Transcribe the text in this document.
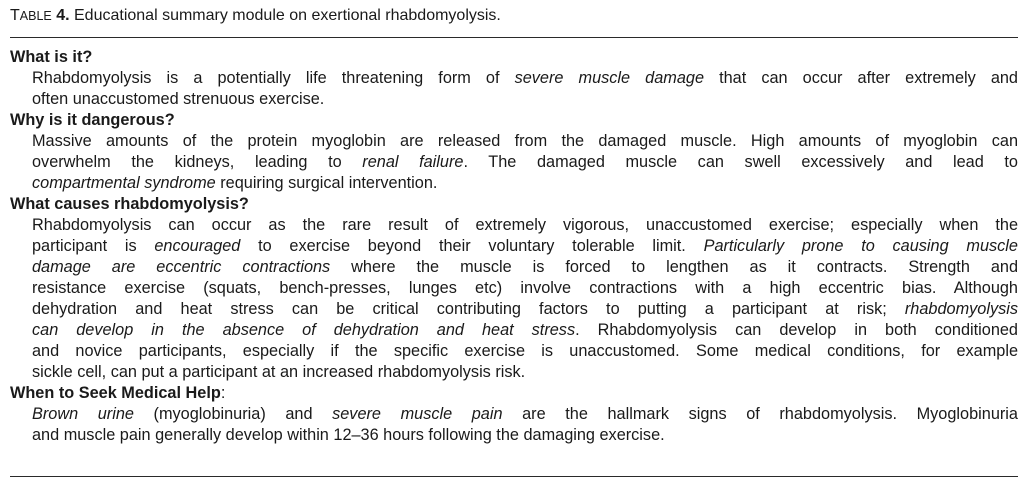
TABLE 4. Educational summary module on exertional rhabdomyolysis.
What is it?
Rhabdomyolysis is a potentially life threatening form of severe muscle damage that can occur after extremely and
often unaccustomed strenuous exercise.
Why is it dangerous?
Massive amounts of the protein myoglobin are released from the damaged muscle. High amounts of myoglobin can
overwhelm the kidneys, leading to renal failure. The damaged muscle can swell excessively and lead to
compartmental syndrome requiring surgical intervention.
What causes rhabdomyolysis?
Rhabdomyolysis can occur as the rare result of extremely vigorous, unaccustomed exercise; especially when the
participant is encouraged to exercise beyond their voluntary tolerable limit. Particularly prone to causing muscle
damage are eccentric contractions where the muscle is forced to lengthen as it contracts. Strength and
resistance exercise (squats, bench-presses, lunges etc) involve contractions with a high eccentric bias. Although
dehydration and heat stress can be critical contributing factors to putting a participant at risk; rhabdomyolysis
can develop in the absence of dehydration and heat stress. Rhabdomyolysis can develop in both conditioned
and novice participants, especially if the specific exercise is unaccustomed. Some medical conditions, for example
sickle cell, can put a participant at an increased rhabdomyolysis risk.
When to Seek Medical Help:
Brown urine (myoglobinuria) and severe muscle pain are the hallmark signs of rhabdomyolysis. Myoglobinuria
and muscle pain generally develop within 12–36 hours following the damaging exercise.
